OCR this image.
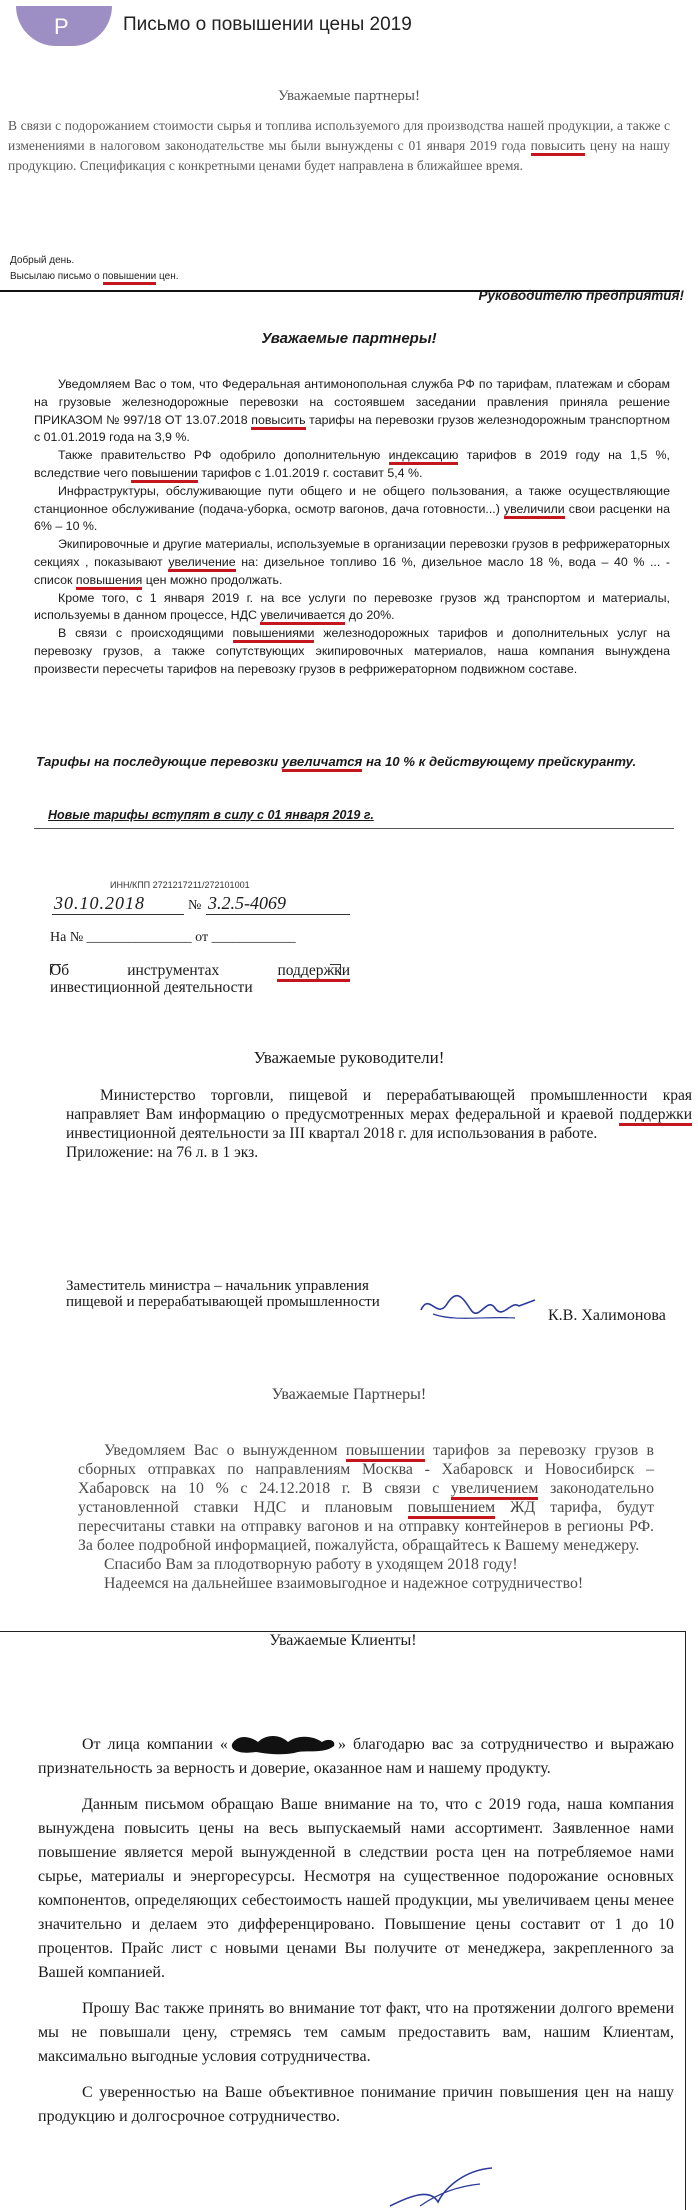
P	Письмо о повышении цены 2019
Уважаемые партнеры!
В связи с подорожанием стоимости сырья и топлива используемого для производства нашей продукции, а также с изменениями в налоговом законодательстве мы были вынуждены с 01 января 2019 года повысить цену на нашу продукцию. Спецификация с конкретными ценами будет направлена в ближайшее время.
Добрый день.
Высылаю письмо о повышении цен.
Руководителю предприятия!
Уважаемые партнеры!

Уведомляем Вас о том, что Федеральная антимонопольная служба РФ по тарифам, платежам и сборам на грузовые железнодорожные перевозки на состоявшем заседании правления приняла решение ПРИКАЗОМ № 997/18 ОТ 13.07.2018 повысить тарифы на перевозки грузов железнодорожным транспортном с 01.01.2019 года на 3,9 %.

Также правительство РФ одобрило дополнительную индексацию тарифов в 2019 году на 1,5 %, вследствие чего повышении тарифов с 1.01.2019 г. составит 5,4 %.

Инфраструктуры, обслуживающие пути общего и не общего пользования, а также осуществляющие станционное обслуживание (подача-уборка, осмотр вагонов, дача готовности...) увеличили свои расценки на 6% – 10 %.

Экипировочные и другие материалы, используемые в организации перевозки грузов в рефрижераторных секциях , показывают увеличение на: дизельное топливо 16 %, дизельное масло 18 %, вода – 40 % ... - список повышения цен можно продолжать.

Кроме того, с 1 января 2019 г. на все услуги по перевозке грузов жд транспортом и материалы, используемы в данном процессе, НДС увеличивается до 20%.

В связи с происходящими повышениями железнодорожных тарифов и дополнительных услуг на перевозку грузов, а также сопутствующих экипировочных материалов, наша компания вынуждена произвести пересчеты тарифов на перевозку грузов в рефрижераторном подвижном составе.

Тарифы на последующие перевозки увеличатся на 10 % к действующему прейскуранту.
Новые тарифы вступят в силу с 01 января 2019 г.
ИНН/КПП 2721217211/272101001
30.10.2018	№ 3.2.5-4069
На № _______________ от ____________
Об инструментах поддержки инвестиционной деятельности
Уважаемые руководители!

Министерство торговли, пищевой и перерабатывающей промышленности края направляет Вам информацию о предусмотренных мерах федеральной и краевой поддержки инвестиционной деятельности за III квартал 2018 г. для использования в работе.

Приложение: на 76 л. в 1 экз.

Заместитель министра – начальник управления пищевой и перерабатывающей промышленности
К.В. Халимонова
Уважаемые Партнеры!

Уведомляем Вас о вынужденном повышении тарифов за перевозку грузов в сборных отправках по направлениям Москва - Хабаровск и Новосибирск – Хабаровск на 10 % с 24.12.2018 г. В связи с увеличением законодательно установленной ставки НДС и плановым повышением ЖД тарифа, будут пересчитаны ставки на отправку вагонов и на отправку контейнеров в регионы РФ. За более подробной информацией, пожалуйста, обращайтесь к Вашему менеджеру.

Спасибо Вам за плодотворную работу в уходящем 2018 году!

Надеемся на дальнейшее взаимовыгодное и надежное сотрудничество!

Уважаемые Клиенты!

От лица компании «	» благодарю вас за сотрудничество и выражаю признательность за верность и доверие, оказанное нам и нашему продукту.

Данным письмом обращаю Ваше внимание на то, что с 2019 года, наша компания вынуждена повысить цены на весь выпускаемый нами ассортимент. Заявленное нами повышение является мерой вынужденной в следствии роста цен на потребляемое нами сырье, материалы и энергоресурсы. Несмотря на существенное подорожание основных компонентов, определяющих себестоимость нашей продукции, мы увеличиваем цены менее значительно и делаем это дифференцировано. Повышение цены составит от 1 до 10 процентов. Прайс лист с новыми ценами Вы получите от менеджера, закрепленного за Вашей компанией.

Прошу Вас также принять во внимание тот факт, что на протяжении долгого времени мы не повышали цену, стремясь тем самым предоставить вам, нашим Клиентам, максимально выгодные условия сотрудничества.

С уверенностью на Ваше объективное понимание причин повышения цен на нашу продукцию и долгосрочное сотрудничество.
